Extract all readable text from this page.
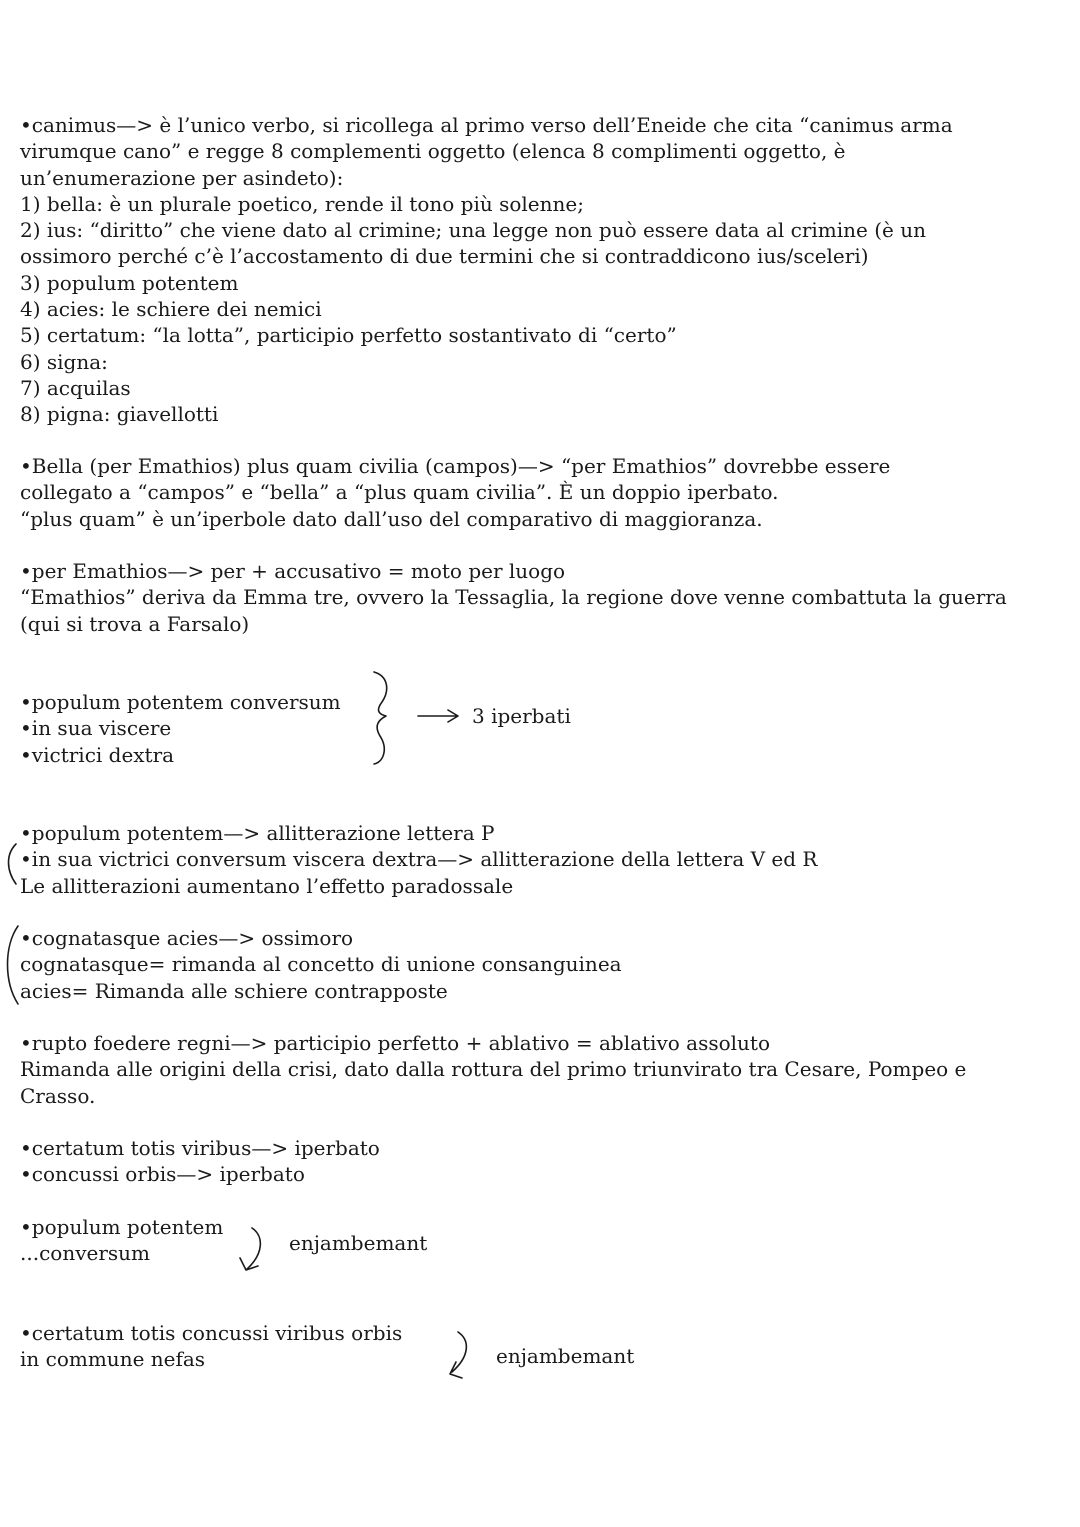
•canimus—> è l’unico verbo, si ricollega al primo verso dell’Eneide che cita “canimus arma virumque cano” e regge 8 complementi oggetto (elenca 8 complimenti oggetto, è un’enumerazione per asindeto):
1) bella: è un plurale poetico, rende il tono più solenne;
2) ius: “diritto” che viene dato al crimine; una legge non può essere data al crimine (è un ossimoro perché c’è l’accostamento di due termini che si contraddicono ius/sceleri)
3) populum potentem
4) acies: le schiere dei nemici
5) certatum: “la lotta”, participio perfetto sostantivato di “certo”
6) signa:
7) acquilas
8) pigna: giavellotti
•Bella (per Emathios) plus quam civilia (campos)—> “per Emathios” dovrebbe essere collegato a “campos” e “bella” a “plus quam civilia”. È un doppio iperbato.
“plus quam” è un’iperbole dato dall’uso del comparativo di maggioranza.
•per Emathios—> per + accusativo = moto per luogo
“Emathios” deriva da Emma tre, ovvero la Tessaglia, la regione dove venne combattuta la guerra (qui si trova a Farsalo)
•populum potentem conversum
•in sua viscere
•victrici dextra
3 iperbati
•populum potentem—> allitterazione lettera P
•in sua victrici conversum viscera dextra—> allitterazione della lettera V ed R
Le allitterazioni aumentano l’effetto paradossale
•cognatasque acies—> ossimoro
cognatasque= rimanda al concetto di unione consanguinea
acies= Rimanda alle schiere contrapposte
•rupto foedere regni—> participio perfetto + ablativo = ablativo assoluto
Rimanda alle origini della crisi, dato dalla rottura del primo triunvirato tra Cesare, Pompeo e Crasso.
•certatum totis viribus—> iperbato
•concussi orbis—> iperbato
•populum potentem
...conversum	enjambemant
•certatum totis concussi viribus orbis
in commune nefas	enjambemant
